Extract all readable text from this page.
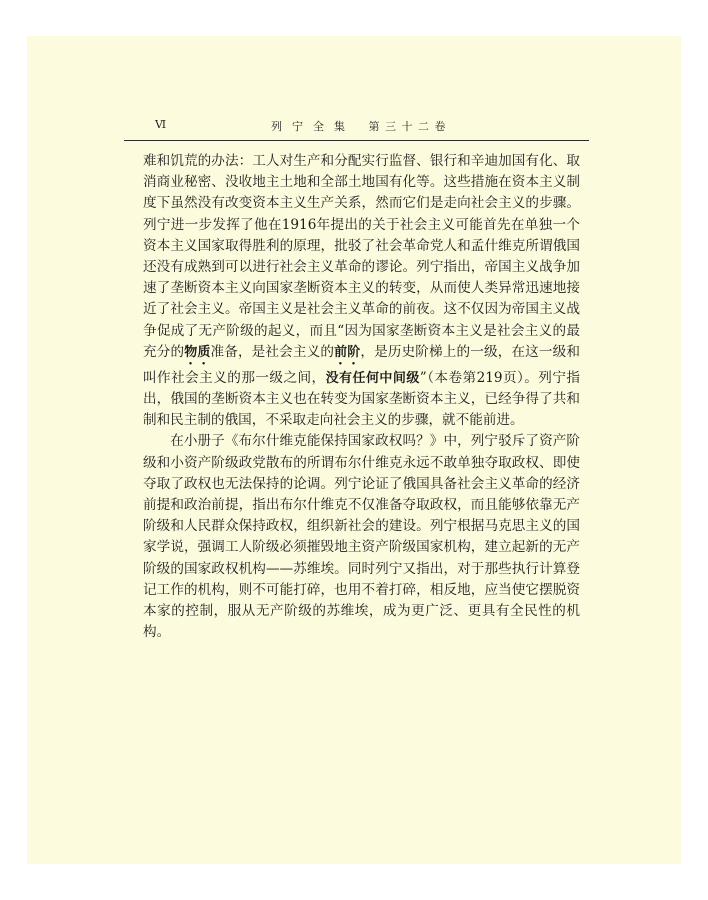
Ⅵ	列  宁  全  集     第 三 十 二 卷

难和饥荒的办法：工人对生产和分配实行监督、银行和辛迪加国有化、取消商业秘密、没收地主土地和全部土地国有化等。这些措施在资本主义制度下虽然没有改变资本主义生产关系，然而它们是走向社会主义的步骤。列宁进一步发挥了他在1916年提出的关于社会主义可能首先在单独一个资本主义国家取得胜利的原理，批驳了社会革命党人和孟什维克所谓俄国还没有成熟到可以进行社会主义革命的谬论。列宁指出，帝国主义战争加速了垄断资本主义向国家垄断资本主义的转变，从而使人类异常迅速地接近了社会主义。帝国主义是社会主义革命的前夜。这不仅因为帝国主义战争促成了无产阶级的起义，而且“因为国家垄断资本主义是社会主义的最充分的物质准备，是社会主义的前阶，是历史阶梯上的一级，在这一级和叫作社会主义的那一级之间，没有任何中间级”（本卷第219页）。列宁指出，俄国的垄断资本主义也在转变为国家垄断资本主义，已经争得了共和制和民主制的俄国，不采取走向社会主义的步骤，就不能前进。

在小册子《布尔什维克能保持国家政权吗？》中，列宁驳斥了资产阶级和小资产阶级政党散布的所谓布尔什维克永远不敢单独夺取政权、即使夺取了政权也无法保持的论调。列宁论证了俄国具备社会主义革命的经济前提和政治前提，指出布尔什维克不仅准备夺取政权，而且能够依靠无产阶级和人民群众保持政权，组织新社会的建设。列宁根据马克思主义的国家学说，强调工人阶级必须摧毁地主资产阶级国家机构，建立起新的无产阶级的国家政权机构——苏维埃。同时列宁又指出，对于那些执行计算登记工作的机构，则不可能打碎，也用不着打碎，相反地，应当使它摆脱资本家的控制，服从无产阶级的苏维埃，成为更广泛、更具有全民性的机构。
